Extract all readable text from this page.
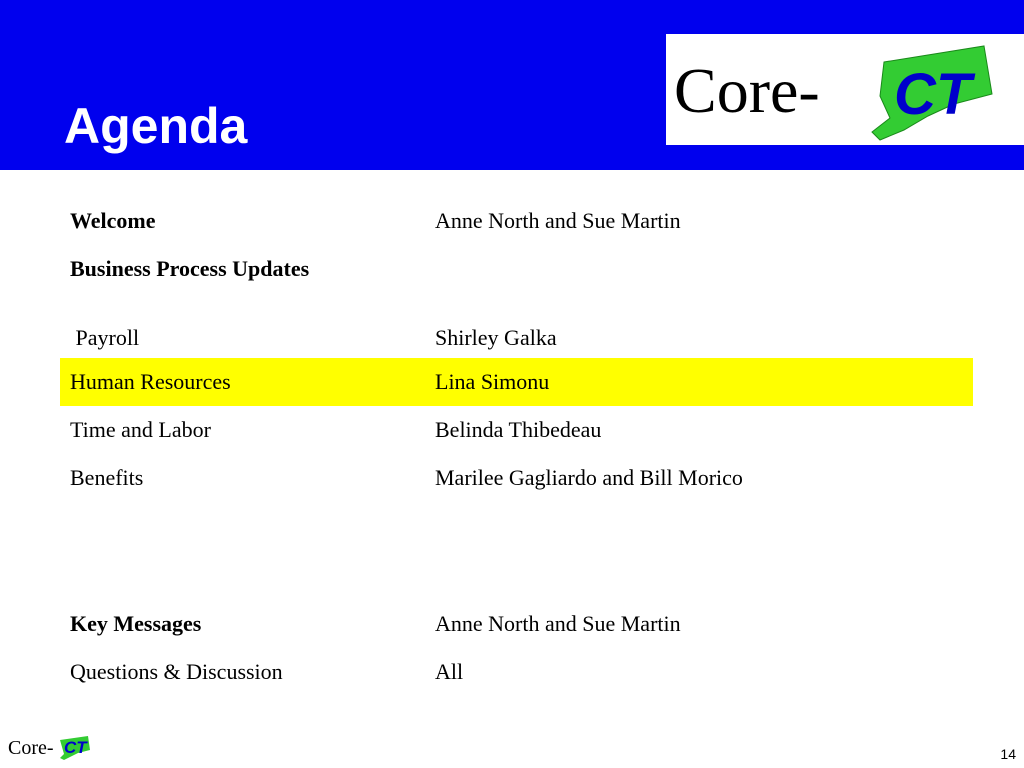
Agenda	Core- CT
Welcome	Anne North and Sue Martin
Business Process Updates
Payroll	Shirley Galka
Human Resources	Lina Simonu
Time and Labor	Belinda Thibedeau
Benefits	Marilee Gagliardo and Bill Morico
Key Messages	Anne North and Sue Martin
Questions & Discussion	All
Core- CT	14
